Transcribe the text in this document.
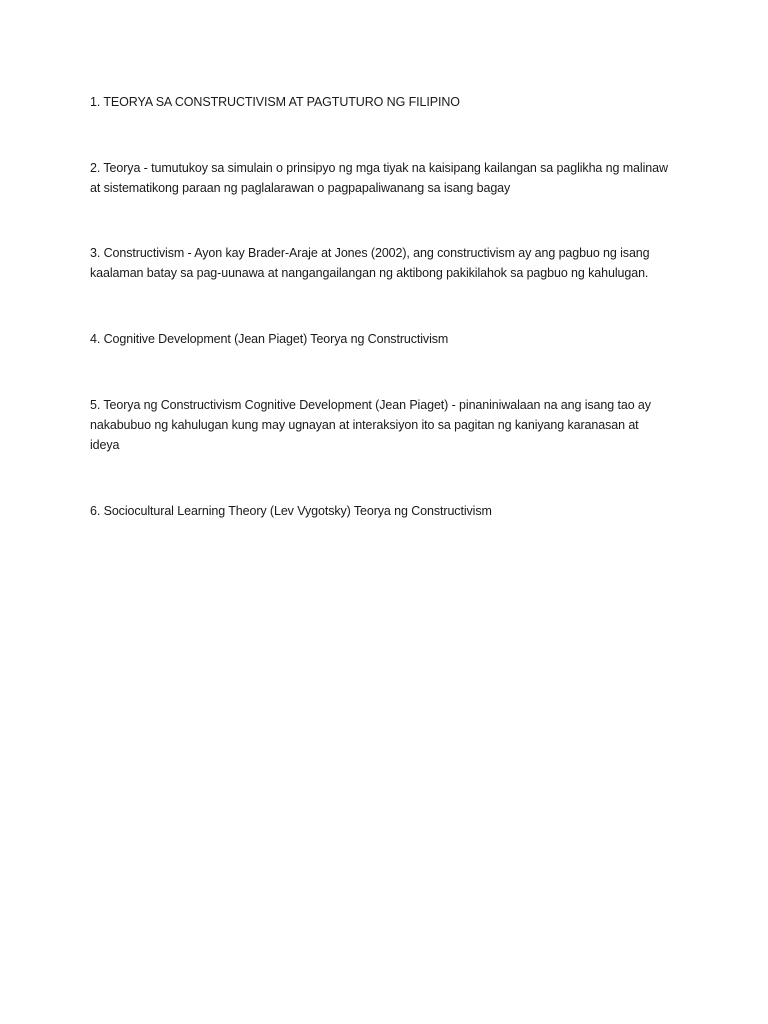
1. TEORYA SA CONSTRUCTIVISM AT PAGTUTURO NG FILIPINO

2. Teorya - tumutukoy sa simulain o prinsipyo ng mga tiyak na kaisipang kailangan sa paglikha ng malinaw at sistematikong paraan ng paglalarawan o pagpapaliwanang sa isang bagay

3. Constructivism - Ayon kay Brader-Araje at Jones (2002), ang constructivism ay ang pagbuo ng isang kaalaman batay sa pag-uunawa at nangangailangan ng aktibong pakikilahok sa pagbuo ng kahulugan.

4. Cognitive Development (Jean Piaget) Teorya ng Constructivism

5. Teorya ng Constructivism Cognitive Development (Jean Piaget) - pinaniniwalaan na ang isang tao ay nakabubuo ng kahulugan kung may ugnayan at interaksiyon ito sa pagitan ng kaniyang karanasan at ideya

6. Sociocultural Learning Theory (Lev Vygotsky) Teorya ng Constructivism
